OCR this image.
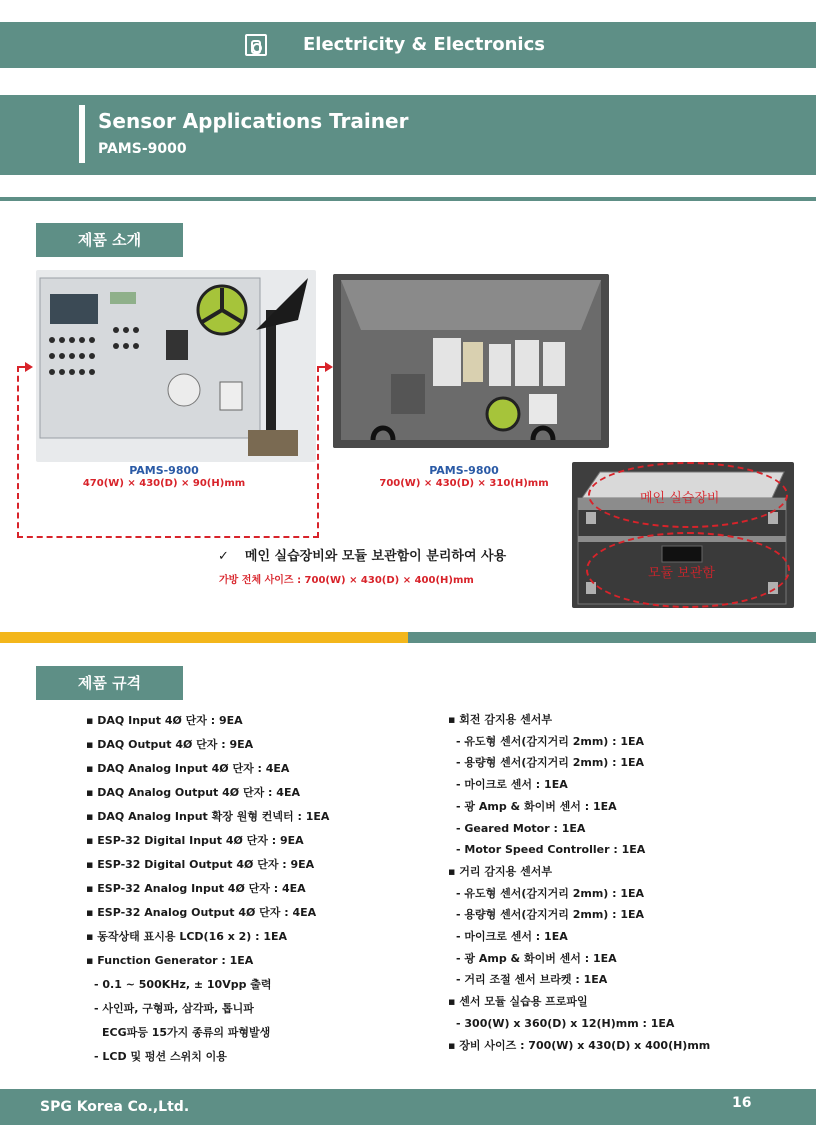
Electricity & Electronics
Sensor Applications Trainer
PAMS-9000
제품 소개
PAMS-9800
470(W) × 430(D) × 90(H)mm
PAMS-9800
700(W) × 430(D) × 310(H)mm
✓ 메인 실습장비와 모듈 보관함이 분리하여 사용
가방 전체 사이즈 : 700(W) × 430(D) × 400(H)mm
메인 실습장비
모듈 보관함
제품 규격
▪ DAQ Input 4Ø 단자 : 9EA
▪ DAQ Output 4Ø 단자 : 9EA
▪ DAQ Analog Input 4Ø 단자 : 4EA
▪ DAQ Analog Output 4Ø 단자 : 4EA
▪ DAQ Analog Input 확장 원형 컨넥터 : 1EA
▪ ESP-32 Digital Input 4Ø 단자 : 9EA
▪ ESP-32 Digital Output 4Ø 단자 : 9EA
▪ ESP-32 Analog Input 4Ø 단자 : 4EA
▪ ESP-32 Analog Output 4Ø 단자 : 4EA
▪ 동작상태 표시용 LCD(16 x 2) : 1EA
▪ Function Generator : 1EA
- 0.1 ~ 500KHz, ± 10Vpp 출력
- 사인파, 구형파, 삼각파, 톱니파
ECG파등 15가지 종류의 파형발생
- LCD 및 펑션 스위치 이용
▪ 회전 감지용 센서부
- 유도형 센서(감지거리 2mm) : 1EA
- 용량형 센서(감지거리 2mm) : 1EA
- 마이크로 센서 : 1EA
- 광 Amp & 화이버 센서 : 1EA
- Geared Motor : 1EA
- Motor Speed Controller : 1EA
▪ 거리 감지용 센서부
- 유도형 센서(감지거리 2mm) : 1EA
- 용량형 센서(감지거리 2mm) : 1EA
- 마이크로 센서 : 1EA
- 광 Amp & 화이버 센서 : 1EA
- 거리 조절 센서 브라켓 : 1EA
▪ 센서 모듈 실습용 프로파일
- 300(W) x 360(D) x 12(H)mm : 1EA
▪ 장비 사이즈 : 700(W) x 430(D) x 400(H)mm
SPG Korea Co.,Ltd.	16
